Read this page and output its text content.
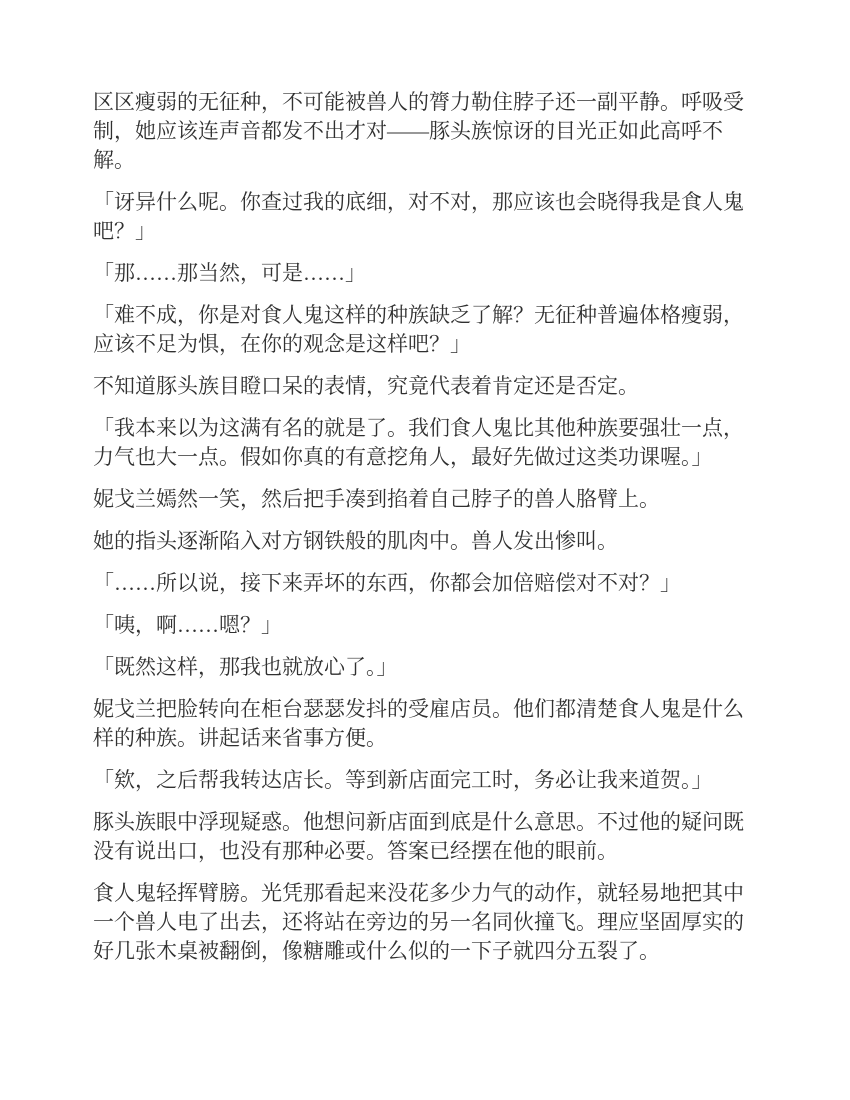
区区瘦弱的无征种，不可能被兽人的膂力勒住脖子还一副平静。呼吸受制，她应该连声音都发不出才对——豚头族惊讶的目光正如此高呼不解。

「讶异什么呢。你查过我的底细，对不对，那应该也会晓得我是食人鬼吧？」

「那……那当然，可是……」

「难不成，你是对食人鬼这样的种族缺乏了解？无征种普遍体格瘦弱，应该不足为惧，在你的观念是这样吧？」

不知道豚头族目瞪口呆的表情，究竟代表着肯定还是否定。

「我本来以为这满有名的就是了。我们食人鬼比其他种族要强壮一点，力气也大一点。假如你真的有意挖角人，最好先做过这类功课喔。」

妮戈兰嫣然一笑，然后把手凑到掐着自己脖子的兽人胳臂上。

她的指头逐渐陷入对方钢铁般的肌肉中。兽人发出惨叫。

「……所以说，接下来弄坏的东西，你都会加倍赔偿对不对？」

「咦，啊……嗯？」

「既然这样，那我也就放心了。」

妮戈兰把脸转向在柜台瑟瑟发抖的受雇店员。他们都清楚食人鬼是什么样的种族。讲起话来省事方便。

「欸，之后帮我转达店长。等到新店面完工时，务必让我来道贺。」

豚头族眼中浮现疑惑。他想问新店面到底是什么意思。不过他的疑问既没有说出口，也没有那种必要。答案已经摆在他的眼前。

食人鬼轻挥臂膀。光凭那看起来没花多少力气的动作，就轻易地把其中一个兽人电了出去，还将站在旁边的另一名同伙撞飞。理应坚固厚实的好几张木桌被翻倒，像糖雕或什么似的一下子就四分五裂了。
